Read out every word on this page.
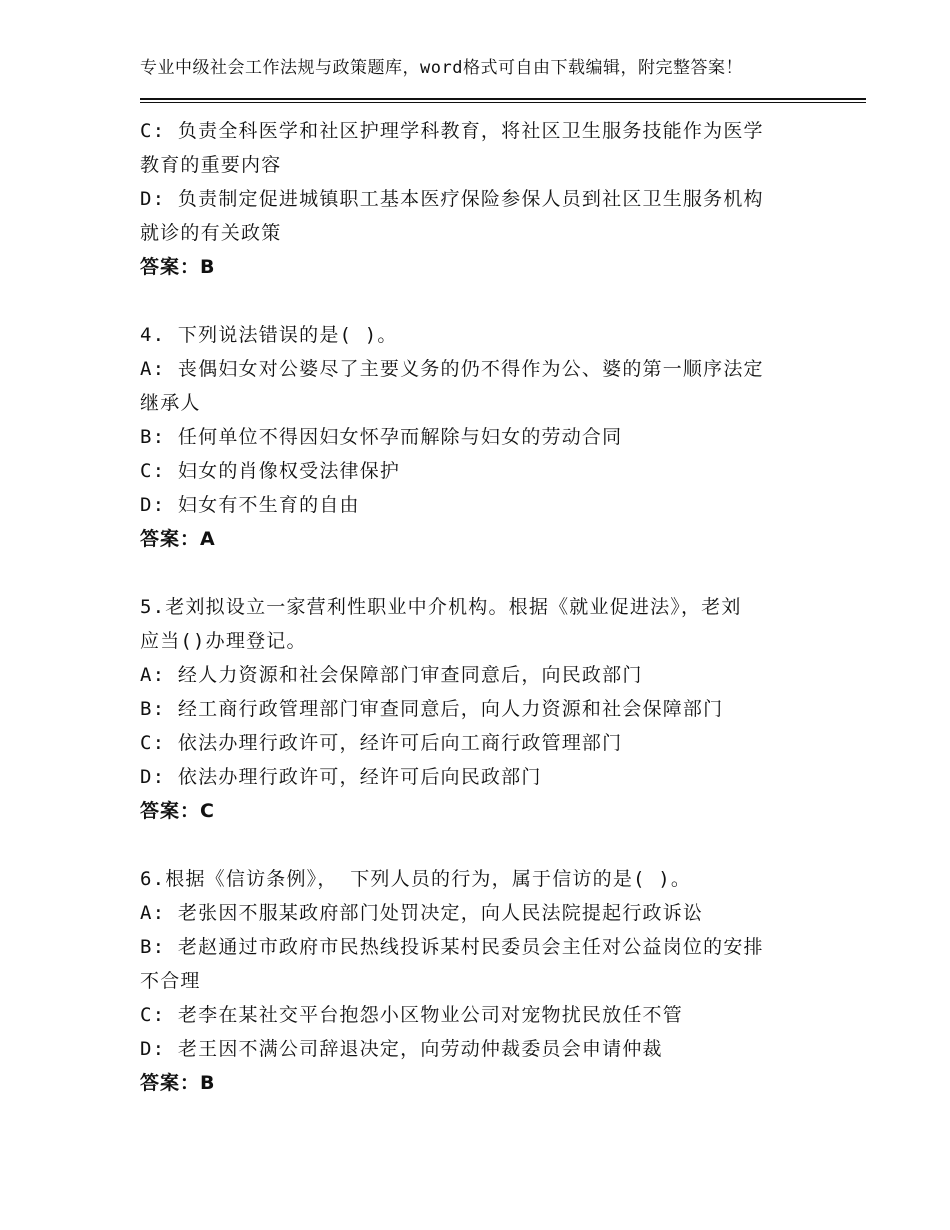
专业中级社会工作法规与政策题库，word格式可自由下载编辑，附完整答案！
C: 负责全科医学和社区护理学科教育，将社区卫生服务技能作为医学
教育的重要内容
D: 负责制定促进城镇职工基本医疗保险参保人员到社区卫生服务机构
就诊的有关政策
答案：B
4. 下列说法错误的是( )。
A: 丧偶妇女对公婆尽了主要义务的仍不得作为公、婆的第一顺序法定
继承人
B: 任何单位不得因妇女怀孕而解除与妇女的劳动合同
C: 妇女的肖像权受法律保护
D: 妇女有不生育的自由
答案：A
5.老刘拟设立一家营利性职业中介机构。根据《就业促进法》，老刘
应当()办理登记。
A: 经人力资源和社会保障部门审查同意后，向民政部门
B: 经工商行政管理部门审查同意后，向人力资源和社会保障部门
C: 依法办理行政许可，经许可后向工商行政管理部门
D: 依法办理行政许可，经许可后向民政部门
答案：C
6.根据《信访条例》， 下列人员的行为，属于信访的是( )。
A: 老张因不服某政府部门处罚决定，向人民法院提起行政诉讼
B: 老赵通过市政府市民热线投诉某村民委员会主任对公益岗位的安排
不合理
C: 老李在某社交平台抱怨小区物业公司对宠物扰民放任不管
D: 老王因不满公司辞退决定，向劳动仲裁委员会申请仲裁
答案：B
